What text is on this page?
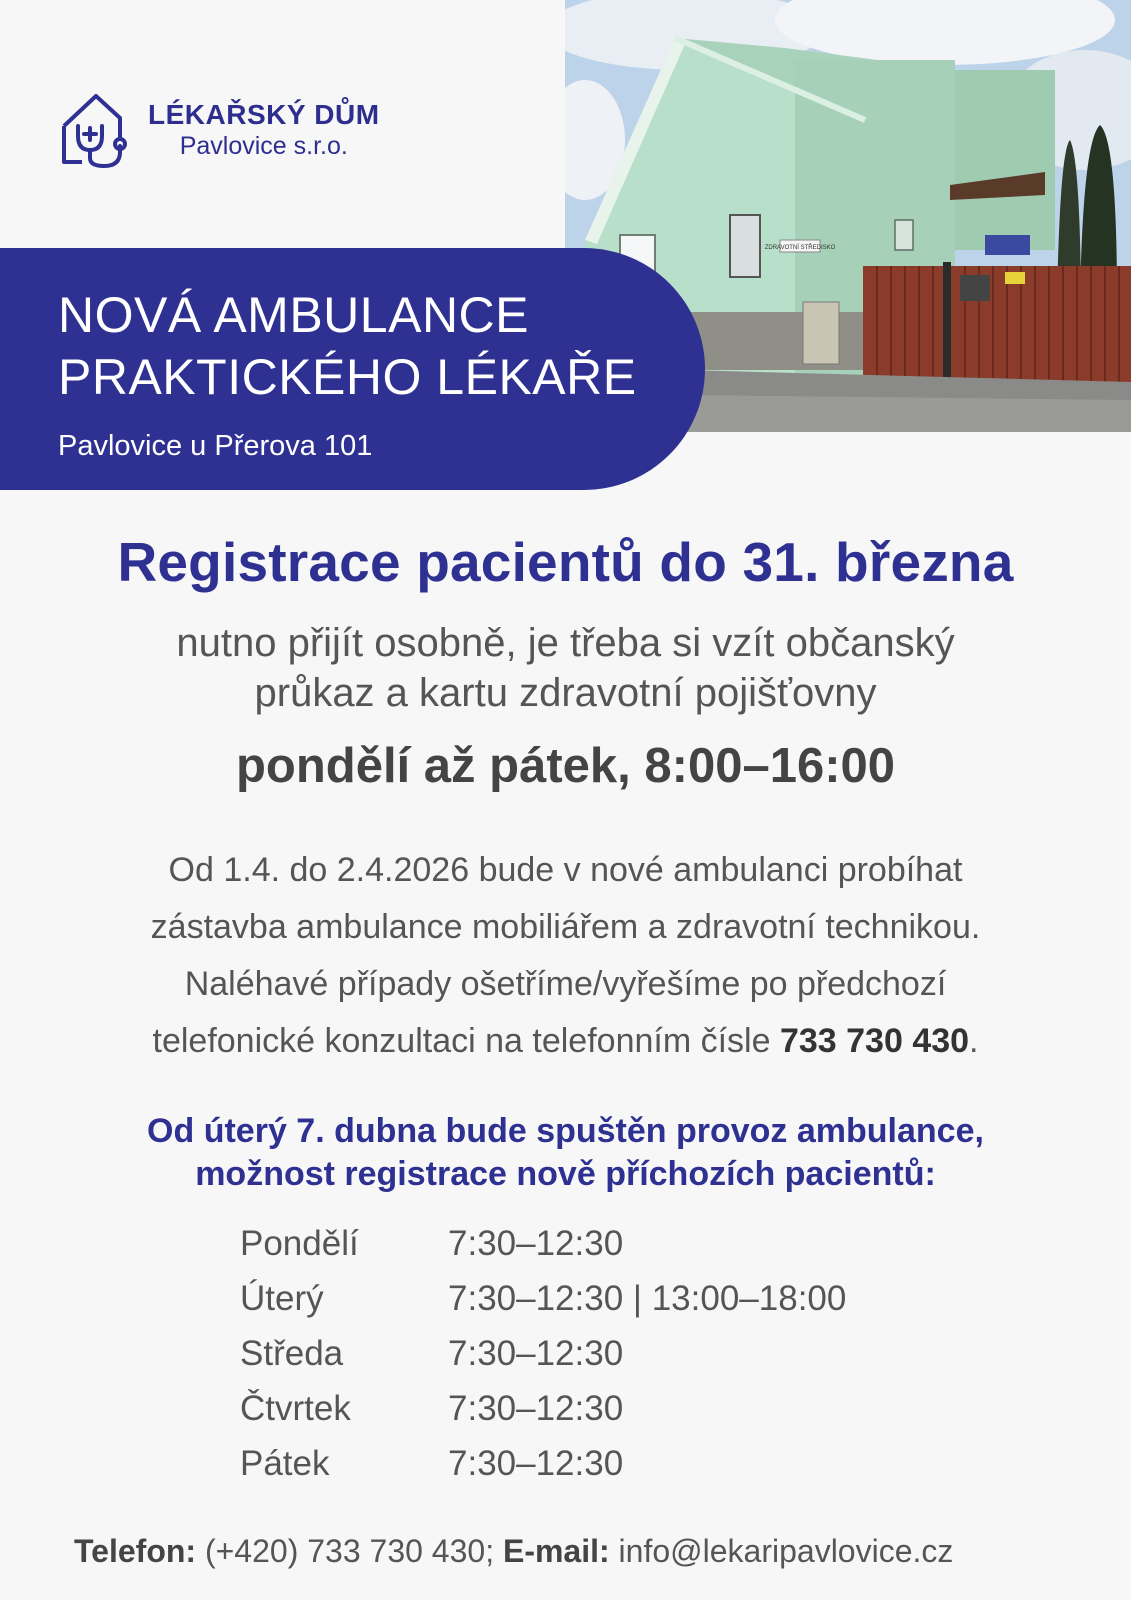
LÉKAŘSKÝ DŮM
Pavlovice s.r.o.
ZDRAVOTNÍ STŘEDISKO
NOVÁ AMBULANCE
PRAKTICKÉHO LÉKAŘE
Pavlovice u Přerova 101
Registrace pacientů do 31. března
nutno přijít osobně, je třeba si vzít občanský
průkaz a kartu zdravotní pojišťovny
pondělí až pátek, 8:00–16:00
Od 1.4. do 2.4.2026 bude v nové ambulanci probíhat
zástavba ambulance mobiliářem a zdravotní technikou.
Naléhavé případy ošetříme/vyřešíme po předchozí
telefonické konzultaci na telefonním čísle 733 730 430.
Od úterý 7. dubna bude spuštěn provoz ambulance,
možnost registrace nově příchozích pacientů:
Pondělí	7:30–12:30
Úterý	7:30–12:30 | 13:00–18:00
Středa	7:30–12:30
Čtvrtek	7:30–12:30
Pátek	7:30–12:30
Telefon: (+420) 733 730 430; E-mail: info@lekaripavlovice.cz
